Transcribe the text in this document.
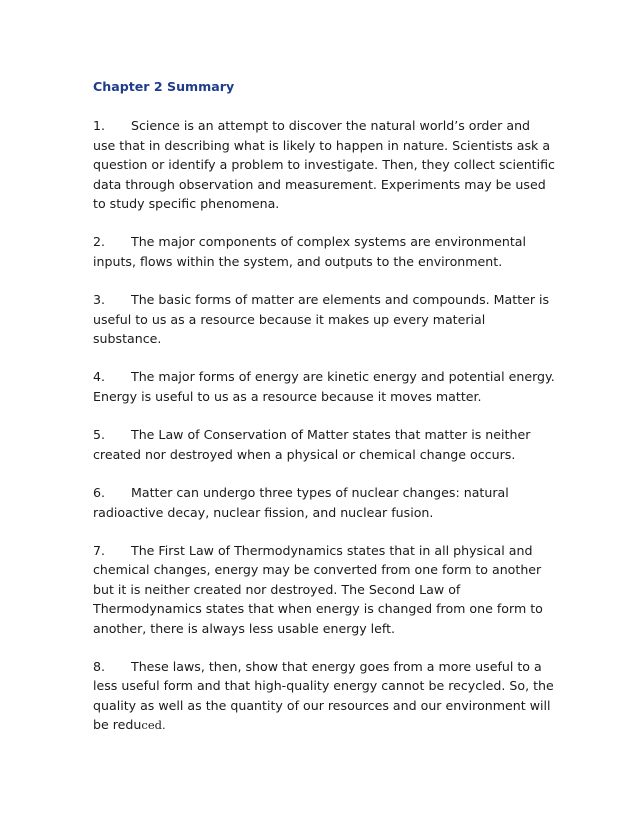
Chapter 2 Summary

1. Science is an attempt to discover the natural world’s order and use that in describing what is likely to happen in nature. Scientists ask a question or identify a problem to investigate. Then, they collect scientific data through observation and measurement. Experiments may be used to study specific phenomena.

2. The major components of complex systems are environmental inputs, flows within the system, and outputs to the environment.

3. The basic forms of matter are elements and compounds. Matter is useful to us as a resource because it makes up every material substance.

4. The major forms of energy are kinetic energy and potential energy. Energy is useful to us as a resource because it moves matter.

5. The Law of Conservation of Matter states that matter is neither created nor destroyed when a physical or chemical change occurs.

6. Matter can undergo three types of nuclear changes: natural radioactive decay, nuclear fission, and nuclear fusion.

7. The First Law of Thermodynamics states that in all physical and chemical changes, energy may be converted from one form to another but it is neither created nor destroyed. The Second Law of Thermodynamics states that when energy is changed from one form to another, there is always less usable energy left.

8. These laws, then, show that energy goes from a more useful to a less useful form and that high-quality energy cannot be recycled. So, the quality as well as the quantity of our resources and our environment will be reduced.
